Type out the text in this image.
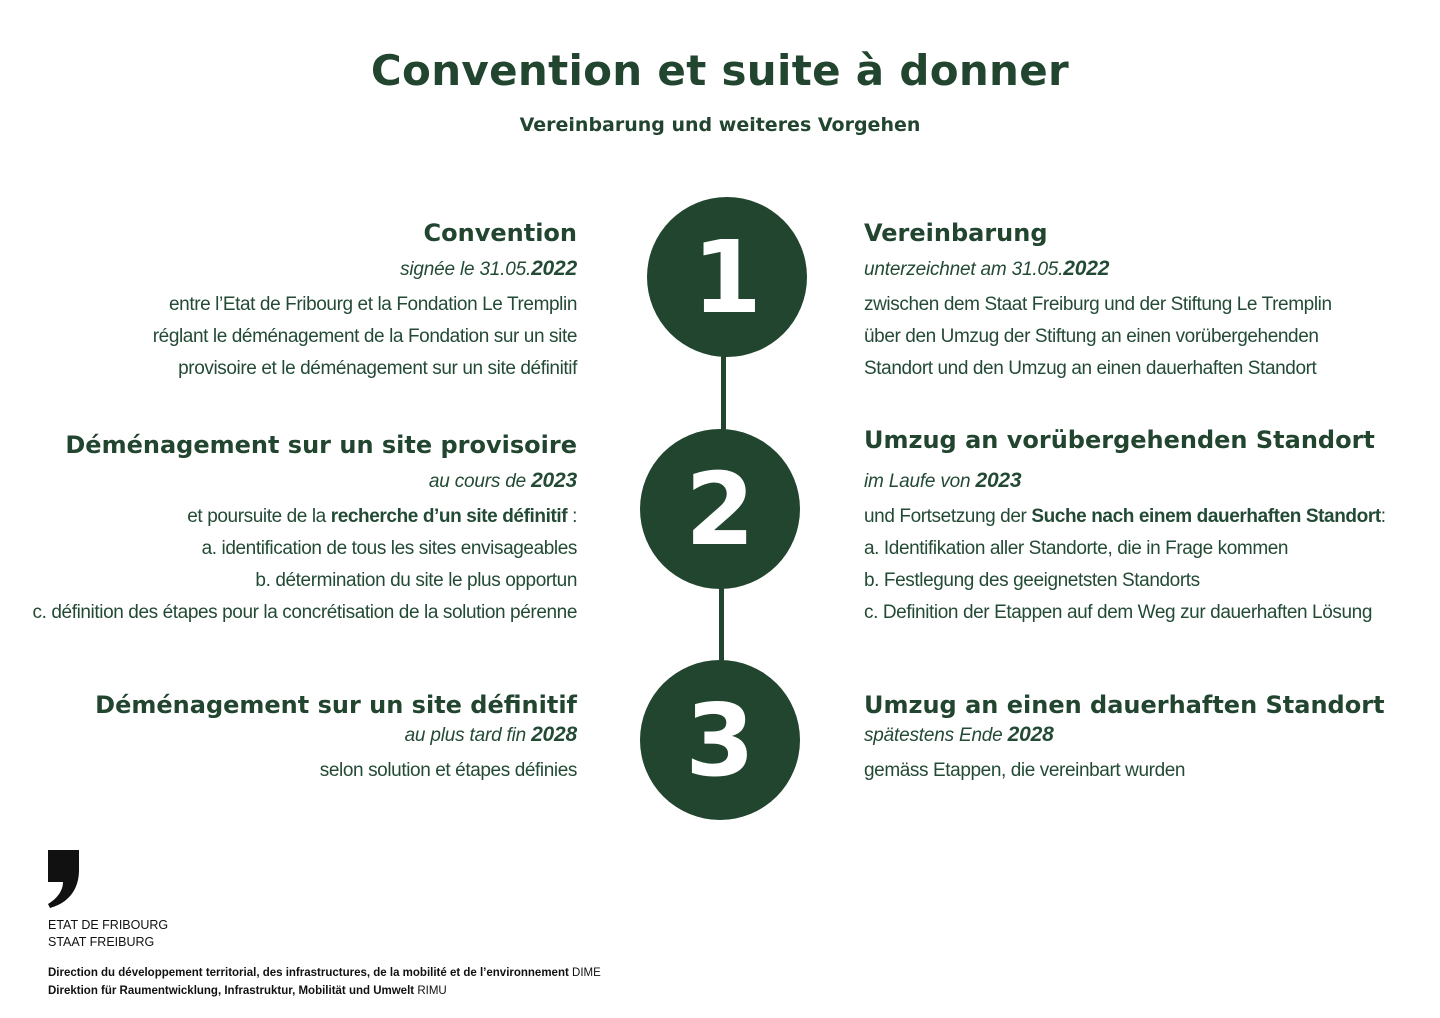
Convention et suite à donner
Vereinbarung und weiteres Vorgehen
1
2
3
Convention
signée le 31.05.2022
entre l’Etat de Fribourg et la Fondation Le Tremplin
réglant le déménagement de la Fondation sur un site
provisoire et le déménagement sur un site définitif
Vereinbarung
unterzeichnet am 31.05.2022
zwischen dem Staat Freiburg und der Stiftung Le Tremplin
über den Umzug der Stiftung an einen vorübergehenden
Standort und den Umzug an einen dauerhaften Standort
Déménagement sur un site provisoire
au cours de 2023
et poursuite de la recherche d’un site définitif :
a. identification de tous les sites envisageables
b. détermination du site le plus opportun
c. définition des étapes pour la concrétisation de la solution pérenne
Umzug an vorübergehenden Standort
im Laufe von 2023
und Fortsetzung der Suche nach einem dauerhaften Standort:
a. Identifikation aller Standorte, die in Frage kommen
b. Festlegung des geeignetsten Standorts
c. Definition der Etappen auf dem Weg zur dauerhaften Lösung
Déménagement sur un site définitif
au plus tard fin 2028
selon solution et étapes définies
Umzug an einen dauerhaften Standort
spätestens Ende 2028
gemäss Etappen, die vereinbart wurden
ETAT DE FRIBOURG
STAAT FREIBURG
Direction du développement territorial, des infrastructures, de la mobilité et de l’environnement DIME
Direktion für Raumentwicklung, Infrastruktur, Mobilität und Umwelt RIMU
